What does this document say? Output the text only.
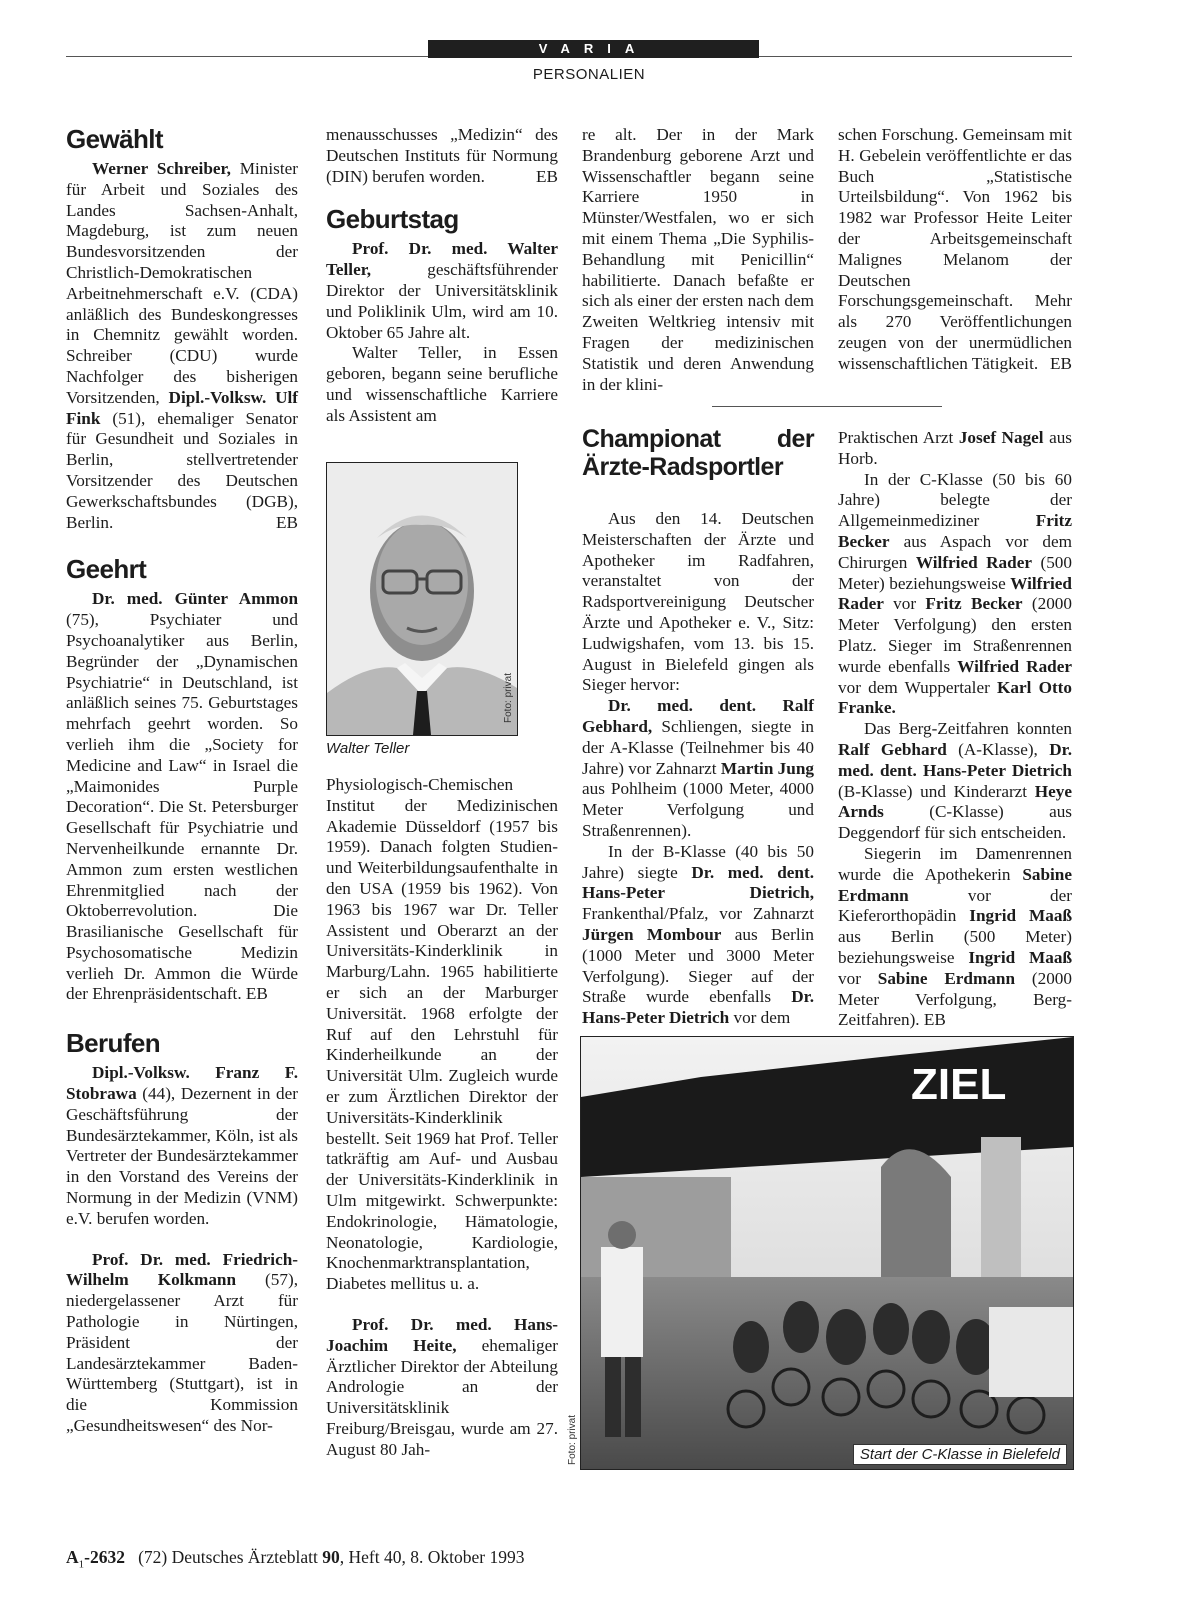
VARIA
PERSONALIEN
Gewählt

Werner Schreiber, Minister für Arbeit und Soziales des Landes Sachsen-Anhalt, Magdeburg, ist zum neuen Bundesvorsitzenden der Christlich-Demokratischen Arbeitnehmerschaft e.V. (CDA) anläßlich des Bundeskongresses in Chemnitz gewählt worden. Schreiber (CDU) wurde Nachfolger des bisherigen Vorsitzenden, Dipl.-Volksw. Ulf Fink (51), ehemaliger Senator für Gesundheit und Soziales in Berlin, stellvertretender Vorsitzender des Deutschen Gewerkschaftsbundes (DGB), Berlin.	EB
Geehrt

Dr. med. Günter Ammon (75), Psychiater und Psychoanalytiker aus Berlin, Begründer der „Dynamischen Psychiatrie“ in Deutschland, ist anläßlich seines 75. Geburtstages mehrfach geehrt worden. So verlieh ihm die „Society for Medicine and Law“ in Israel die „Maimonides Purple Decoration“. Die St. Petersburger Gesellschaft für Psychiatrie und Nervenheilkunde ernannte Dr. Ammon zum ersten westlichen Ehrenmitglied nach der Oktoberrevolution. Die Brasilianische Gesellschaft für Psychosomatische Medizin verlieh Dr. Ammon die Würde der Ehrenpräsidentschaft. EB

Berufen

Dipl.-Volksw. Franz F. Stobrawa (44), Dezernent in der Geschäftsführung der Bundesärztekammer, Köln, ist als Vertreter der Bundesärztekammer in den Vorstand des Vereins der Normung in der Medizin (VNM) e.V. berufen worden.

Prof. Dr. med. Friedrich-Wilhelm Kolkmann (57), niedergelassener Arzt für Pathologie in Nürtingen, Präsident der Landesärztekammer Baden-Württemberg (Stuttgart), ist in die Kommission „Gesundheitswesen“ des Nor-

menausschusses „Medizin“ des Deutschen Instituts für Normung (DIN) berufen worden.	EB
Geburtstag

Prof. Dr. med. Walter Teller, geschäftsführender Direktor der Universitätsklinik und Poliklinik Ulm, wird am 10. Oktober 65 Jahre alt.

Walter Teller, in Essen geboren, begann seine berufliche und wissenschaftliche Karriere als Assistent am

Foto: privat
Walter Teller

Physiologisch-Chemischen Institut der Medizinischen Akademie Düsseldorf (1957 bis 1959). Danach folgten Studien- und Weiterbildungsaufenthalte in den USA (1959 bis 1962). Von 1963 bis 1967 war Dr. Teller Assistent und Oberarzt an der Universitäts-Kinderklinik in Marburg/Lahn. 1965 habilitierte er sich an der Marburger Universität. 1968 erfolgte der Ruf auf den Lehrstuhl für Kinderheilkunde an der Universität Ulm. Zugleich wurde er zum Ärztlichen Direktor der Universitäts-Kinderklinik bestellt. Seit 1969 hat Prof. Teller tatkräftig am Auf- und Ausbau der Universitäts-Kinderklinik in Ulm mitgewirkt. Schwerpunkte: Endokrinologie, Hämatologie, Neonatologie, Kardiologie, Knochenmarktransplantation, Diabetes mellitus u. a.

Prof. Dr. med. Hans-Joachim Heite, ehemaliger Ärztlicher Direktor der Abteilung Andrologie an der Universitätsklinik Freiburg/Breisgau, wurde am 27. August 80 Jah-

re alt. Der in der Mark Brandenburg geborene Arzt und Wissenschaftler begann seine Karriere 1950 in Münster/Westfalen, wo er sich mit einem Thema „Die Syphilis-Behandlung mit Penicillin“ habilitierte. Danach befaßte er sich als einer der ersten nach dem Zweiten Weltkrieg intensiv mit Fragen der medizinischen Statistik und deren Anwendung in der klini-

schen Forschung. Gemeinsam mit H. Gebelein veröffentlichte er das Buch „Statistische Urteilsbildung“. Von 1962 bis 1982 war Professor Heite Leiter der Arbeitsgemeinschaft Malignes Melanom der Deutschen Forschungsgemeinschaft. Mehr als 270 Veröffentlichungen zeugen von der unermüdlichen wissenschaftlichen Tätigkeit. EB
Championat der Ärzte-Radsportler

Aus den 14. Deutschen Meisterschaften der Ärzte und Apotheker im Radfahren, veranstaltet von der Radsportvereinigung Deutscher Ärzte und Apotheker e. V., Sitz: Ludwigshafen, vom 13. bis 15. August in Bielefeld gingen als Sieger hervor:

Dr. med. dent. Ralf Gebhard, Schliengen, siegte in der A-Klasse (Teilnehmer bis 40 Jahre) vor Zahnarzt Martin Jung aus Pohlheim (1000 Meter, 4000 Meter Verfolgung und Straßenrennen).

In der B-Klasse (40 bis 50 Jahre) siegte Dr. med. dent. Hans-Peter Dietrich, Frankenthal/Pfalz, vor Zahnarzt Jürgen Mombour aus Berlin (1000 Meter und 3000 Meter Verfolgung). Sieger auf der Straße wurde ebenfalls Dr. Hans-Peter Dietrich vor dem

Praktischen Arzt Josef Nagel aus Horb.

In der C-Klasse (50 bis 60 Jahre) belegte der Allgemeinmediziner Fritz Becker aus Aspach vor dem Chirurgen Wilfried Rader (500 Meter) beziehungsweise Wilfried Rader vor Fritz Becker (2000 Meter Verfolgung) den ersten Platz. Sieger im Straßenrennen wurde ebenfalls Wilfried Rader vor dem Wuppertaler Karl Otto Franke.

Das Berg-Zeitfahren konnten Ralf Gebhard (A-Klasse), Dr. med. dent. Hans-Peter Dietrich (B-Klasse) und Kinderarzt Heye Arnds (C-Klasse) aus Deggendorf für sich entscheiden.

Siegerin im Damenrennen wurde die Apothekerin Sabine Erdmann vor der Kieferorthopädin Ingrid Maaß aus Berlin (500 Meter) beziehungsweise Ingrid Maaß vor Sabine Erdmann (2000 Meter Verfolgung, Berg-Zeitfahren). EB

ZIEL
Foto: privat	Start der C-Klasse in Bielefeld
$A_1-2632$ (72) Deutsches Ärzteblatt 90, Heft 40, 8. Oktober 1993
